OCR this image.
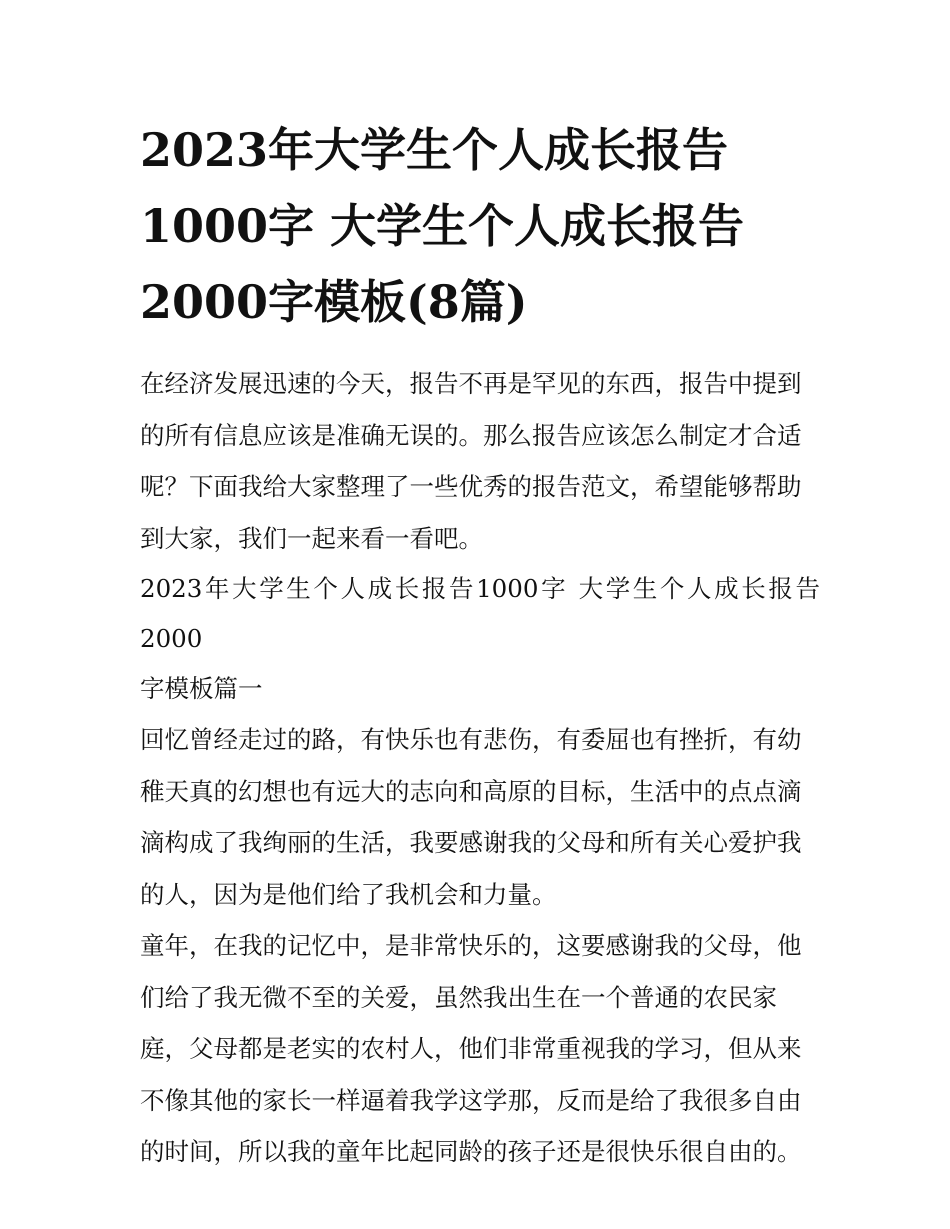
2023年大学生个人成长报告
1000字 大学生个人成长报告
2000字模板(8篇)
在经济发展迅速的今天，报告不再是罕见的东西，报告中提到
的所有信息应该是准确无误的。那么报告应该怎么制定才合适
呢？下面我给大家整理了一些优秀的报告范文，希望能够帮助
到大家，我们一起来看一看吧。
2023年大学生个人成长报告1000字 大学生个人成长报告2000
字模板篇一
回忆曾经走过的路，有快乐也有悲伤，有委屈也有挫折，有幼
稚天真的幻想也有远大的志向和高原的目标，生活中的点点滴
滴构成了我绚丽的生活，我要感谢我的父母和所有关心爱护我
的人，因为是他们给了我机会和力量。
童年，在我的记忆中，是非常快乐的，这要感谢我的父母，他
们给了我无微不至的关爱，虽然我出生在一个普通的农民家
庭，父母都是老实的农村人，他们非常重视我的学习，但从来
不像其他的家长一样逼着我学这学那，反而是给了我很多自由
的时间，所以我的童年比起同龄的孩子还是很快乐很自由的。
